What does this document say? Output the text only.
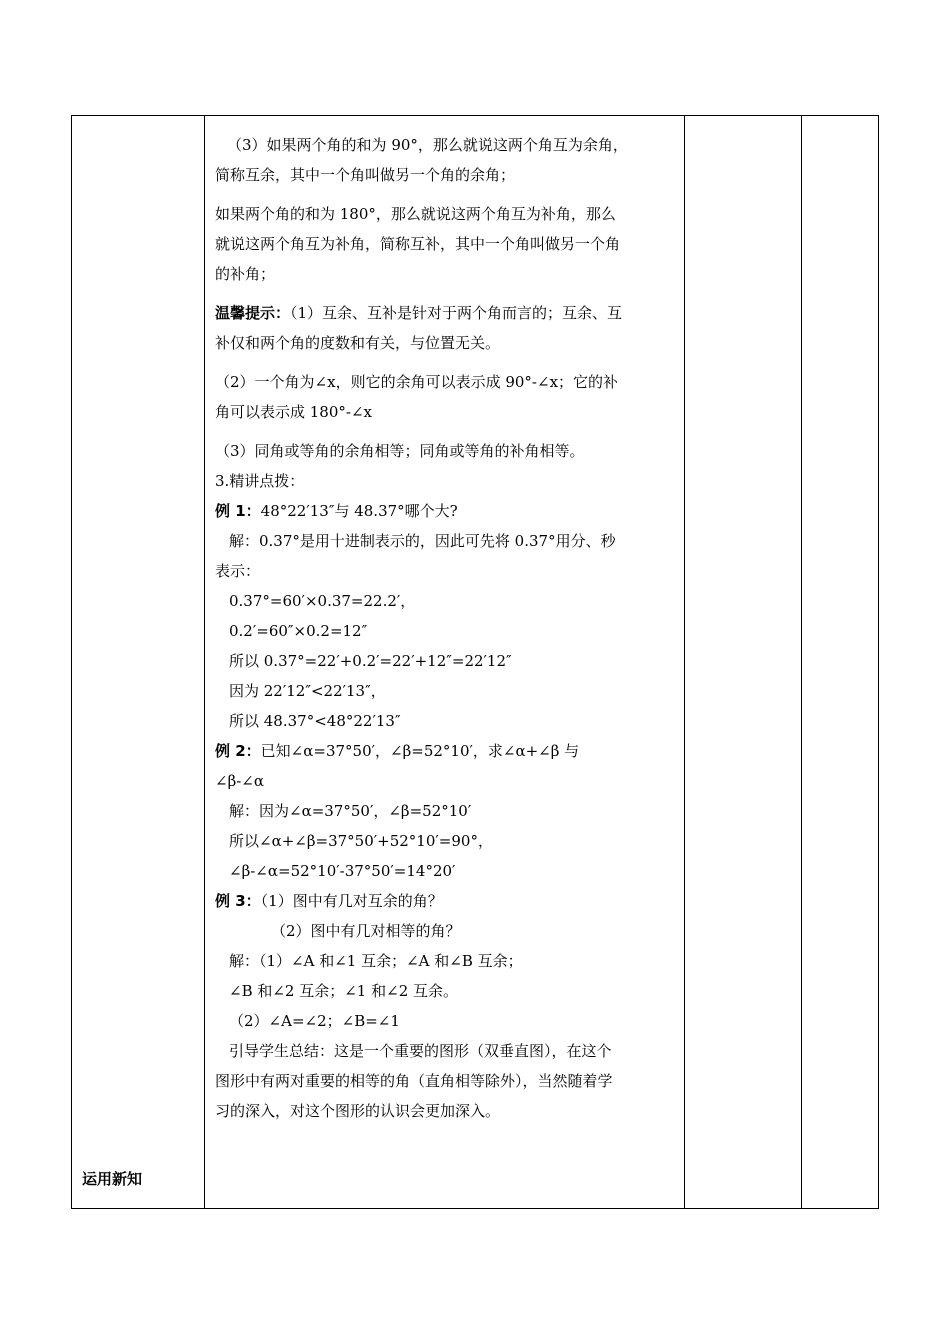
运用新知

（3）如果两个角的和为 90°，那么就说这两个角互为余角，

简称互余，其中一个角叫做另一个角的余角；

如果两个角的和为 180°，那么就说这两个角互为补角，那么

就说这两个角互为补角，简称互补，其中一个角叫做另一个角

的补角；

温馨提示：（1）互余、互补是针对于两个角而言的；互余、互

补仅和两个角的度数和有关，与位置无关。

（2）一个角为∠x，则它的余角可以表示成 90°-∠x；它的补

角可以表示成 180°-∠x

（3）同角或等角的余角相等；同角或等角的补角相等。

3.精讲点拨：

例 1：48°22′13″与 48.37°哪个大?

解：0.37°是用十进制表示的，因此可先将 0.37°用分、秒

表示：

0.37°=60′×0.37=22.2′，

0.2′=60″×0.2=12″

所以 0.37°=22′+0.2′=22′+12″=22′12″

因为 22′12″<22′13″，

所以 48.37°<48°22′13″

例 2：已知∠α=37°50′，∠β=52°10′，求∠α+∠β 与

∠β-∠α

解：因为∠α=37°50′，∠β=52°10′

所以∠α+∠β=37°50′+52°10′=90°，

∠β-∠α=52°10′-37°50′=14°20′

例 3：（1）图中有几对互余的角？

（2）图中有几对相等的角？

解：（1）∠A 和∠1 互余；∠A 和∠B 互余；

∠B 和∠2 互余；∠1 和∠2 互余。

（2）∠A=∠2；∠B=∠1

引导学生总结：这是一个重要的图形（双垂直图），在这个

图形中有两对重要的相等的角（直角相等除外），当然随着学

习的深入，对这个图形的认识会更加深入。
